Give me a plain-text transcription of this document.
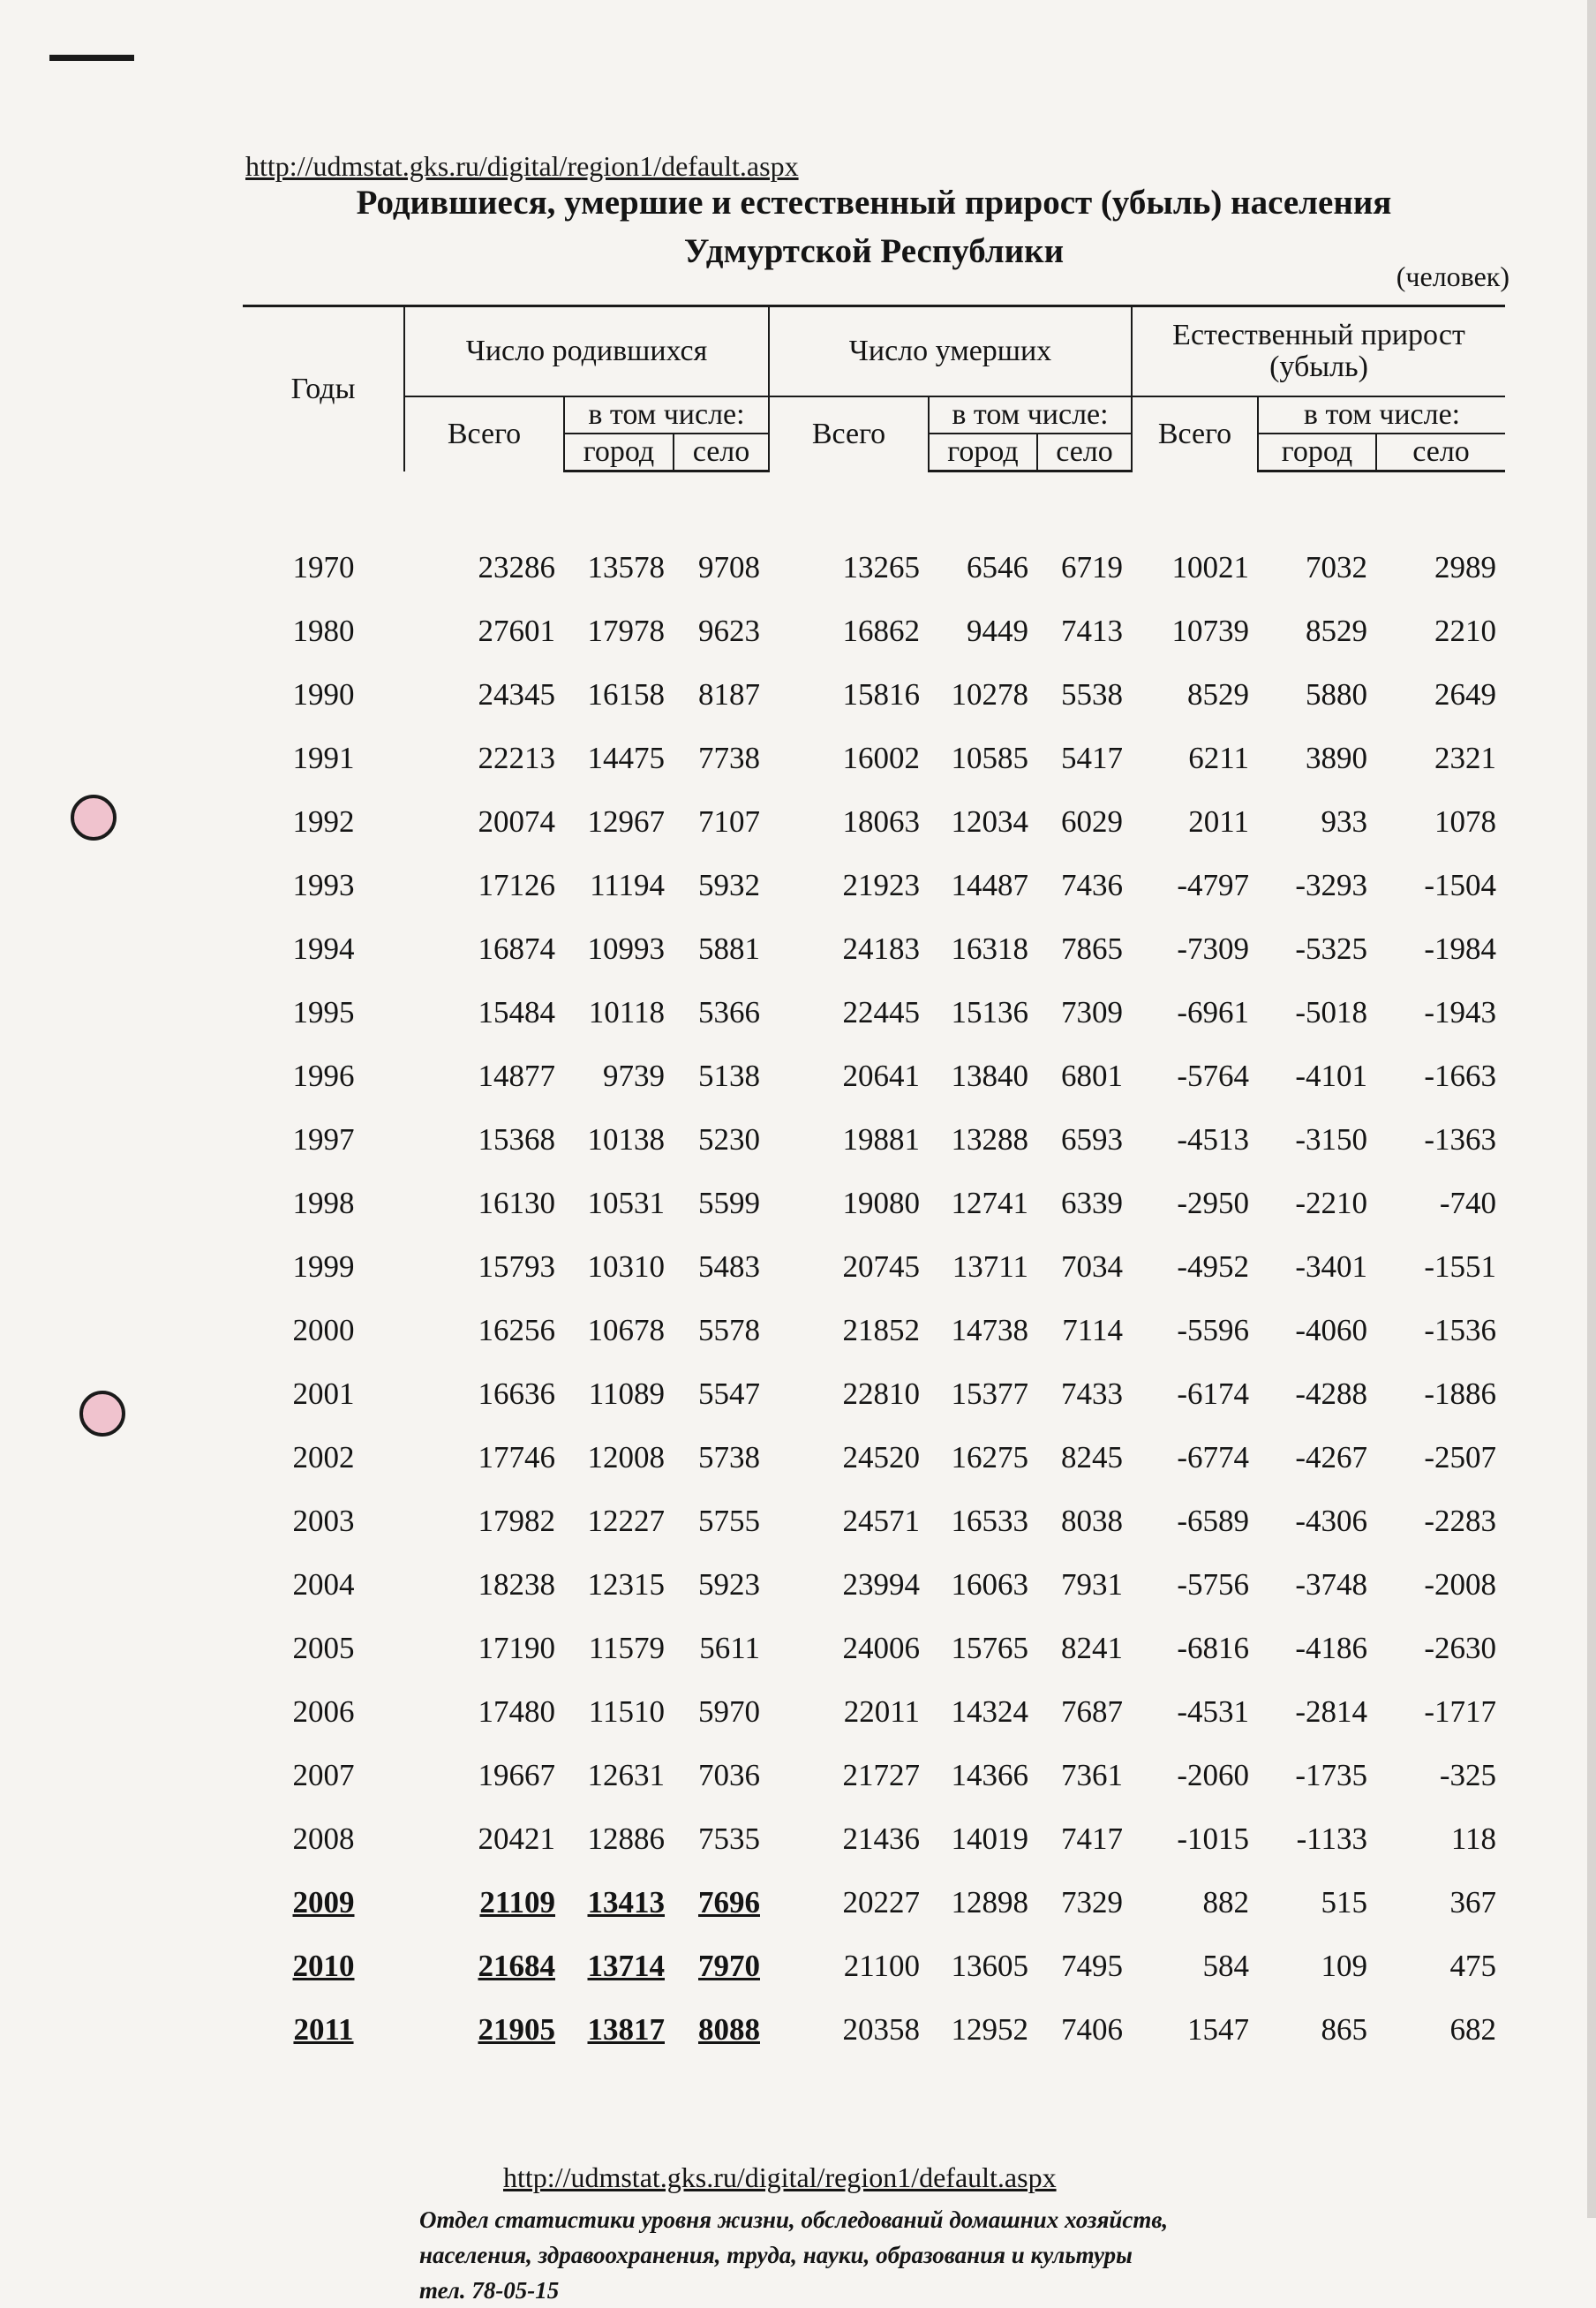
http://udmstat.gks.ru/digital/region1/default.aspx
Родившиеся, умершие и естественный прирост (убыль) населения
Удмуртской Республики
(человек)
Годы	Число родившихся			Число умерших			Естественный прирост (убыль)		
	Всего	в том числе:		Всего	в том числе:		Всего	в том числе:	
		город	село		город	село		город	село

1970	23286	13578	9708	13265	6546	6719	10021	7032	2989
1980	27601	17978	9623	16862	9449	7413	10739	8529	2210
1990	24345	16158	8187	15816	10278	5538	8529	5880	2649
1991	22213	14475	7738	16002	10585	5417	6211	3890	2321
1992	20074	12967	7107	18063	12034	6029	2011	933	1078
1993	17126	11194	5932	21923	14487	7436	-4797	-3293	-1504
1994	16874	10993	5881	24183	16318	7865	-7309	-5325	-1984
1995	15484	10118	5366	22445	15136	7309	-6961	-5018	-1943
1996	14877	9739	5138	20641	13840	6801	-5764	-4101	-1663
1997	15368	10138	5230	19881	13288	6593	-4513	-3150	-1363
1998	16130	10531	5599	19080	12741	6339	-2950	-2210	-740
1999	15793	10310	5483	20745	13711	7034	-4952	-3401	-1551
2000	16256	10678	5578	21852	14738	7114	-5596	-4060	-1536
2001	16636	11089	5547	22810	15377	7433	-6174	-4288	-1886
2002	17746	12008	5738	24520	16275	8245	-6774	-4267	-2507
2003	17982	12227	5755	24571	16533	8038	-6589	-4306	-2283
2004	18238	12315	5923	23994	16063	7931	-5756	-3748	-2008
2005	17190	11579	5611	24006	15765	8241	-6816	-4186	-2630
2006	17480	11510	5970	22011	14324	7687	-4531	-2814	-1717
2007	19667	12631	7036	21727	14366	7361	-2060	-1735	-325
2008	20421	12886	7535	21436	14019	7417	-1015	-1133	118
2009	21109	13413	7696	20227	12898	7329	882	515	367
2010	21684	13714	7970	21100	13605	7495	584	109	475
2011	21905	13817	8088	20358	12952	7406	1547	865	682
http://udmstat.gks.ru/digital/region1/default.aspx
Отдел статистики уровня жизни, обследований домашних хозяйств,
населения, здравоохранения, труда, науки, образования и культуры
тел. 78-05-15
